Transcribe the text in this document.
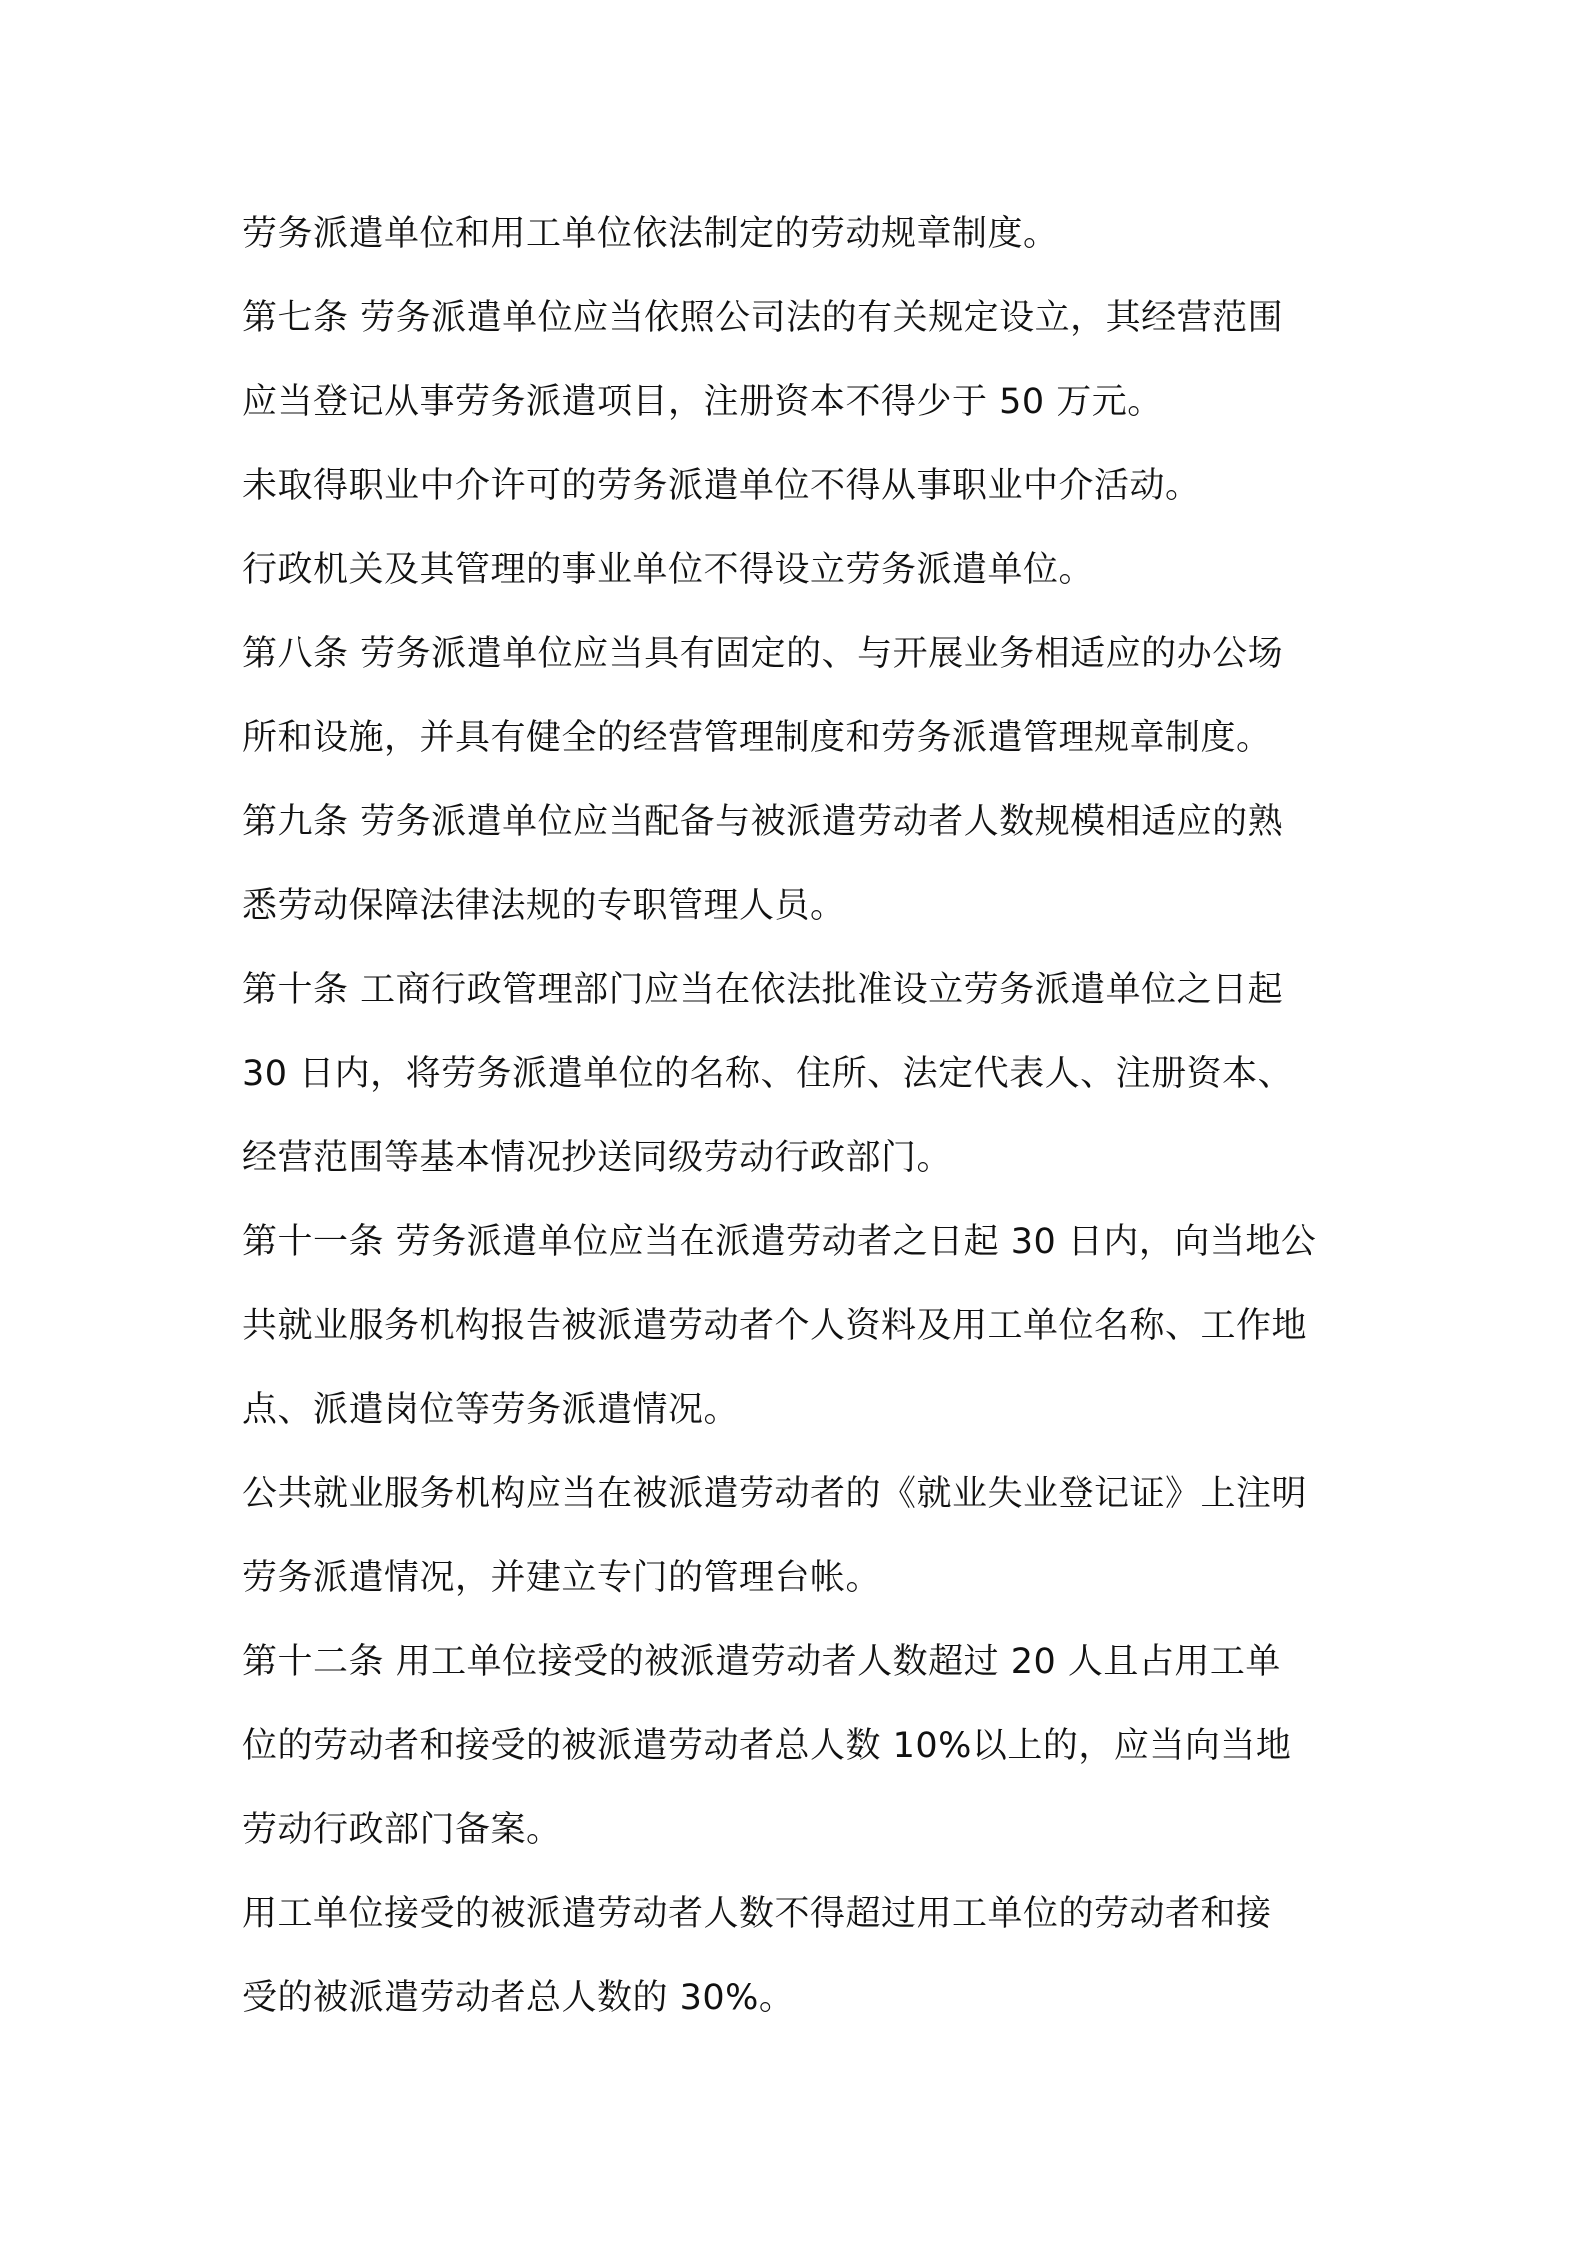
劳务派遣单位和用工单位依法制定的劳动规章制度。
第七条 劳务派遣单位应当依照公司法的有关规定设立，其经营范围
应当登记从事劳务派遣项目，注册资本不得少于 50 万元。
未取得职业中介许可的劳务派遣单位不得从事职业中介活动。
行政机关及其管理的事业单位不得设立劳务派遣单位。
第八条 劳务派遣单位应当具有固定的、与开展业务相适应的办公场
所和设施，并具有健全的经营管理制度和劳务派遣管理规章制度。
第九条 劳务派遣单位应当配备与被派遣劳动者人数规模相适应的熟
悉劳动保障法律法规的专职管理人员。
第十条 工商行政管理部门应当在依法批准设立劳务派遣单位之日起
30 日内，将劳务派遣单位的名称、住所、法定代表人、注册资本、
经营范围等基本情况抄送同级劳动行政部门。
第十一条 劳务派遣单位应当在派遣劳动者之日起 30 日内，向当地公
共就业服务机构报告被派遣劳动者个人资料及用工单位名称、工作地
点、派遣岗位等劳务派遣情况。
公共就业服务机构应当在被派遣劳动者的《就业失业登记证》上注明
劳务派遣情况，并建立专门的管理台帐。
第十二条 用工单位接受的被派遣劳动者人数超过 20 人且占用工单
位的劳动者和接受的被派遣劳动者总人数 10%以上的，应当向当地
劳动行政部门备案。
用工单位接受的被派遣劳动者人数不得超过用工单位的劳动者和接
受的被派遣劳动者总人数的 30%。
